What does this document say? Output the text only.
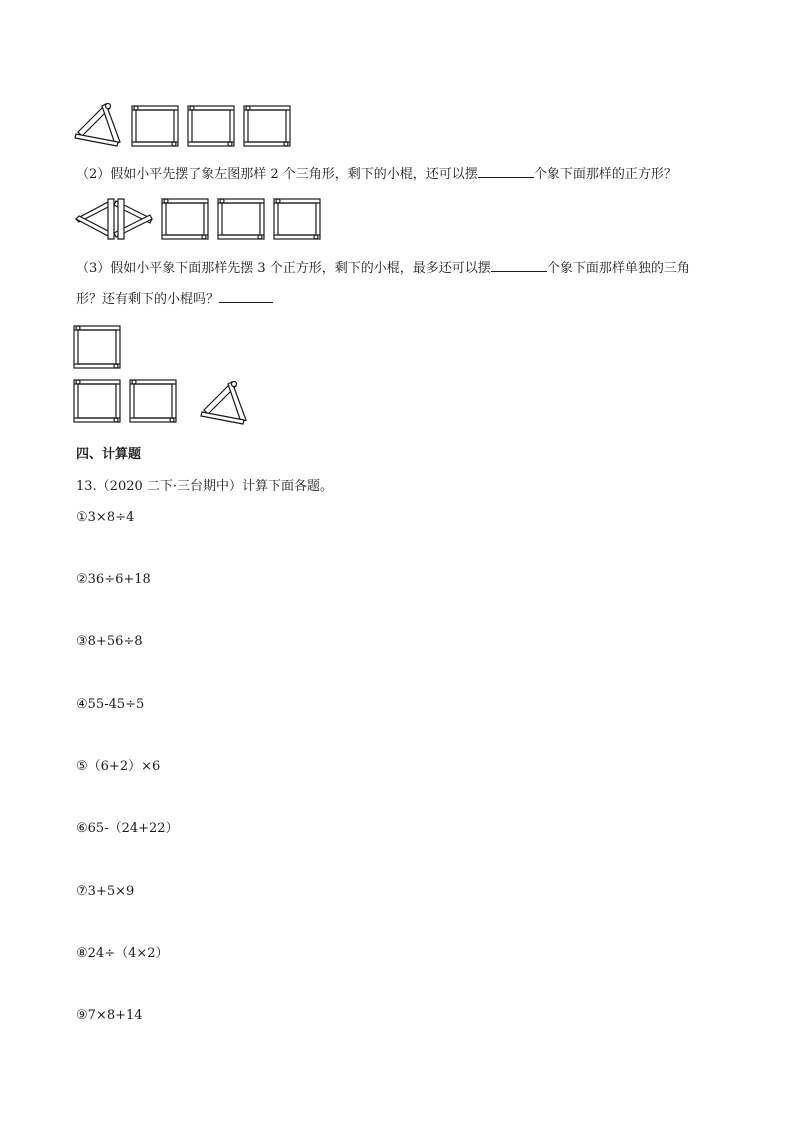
（2）假如小平先摆了象左图那样 2 个三角形，剩下的小棍，还可以摆	个象下面那样的正方形？
（3）假如小平象下面那样先摆 3 个正方形，剩下的小棍，最多还可以摆	个象下面那样单独的三角
形？还有剩下的小棍吗？
四、计算题
13.（2020 二下·三台期中）计算下面各题。
①3×8÷4
②36÷6+18
③8+56÷8
④55-45÷5
⑤（6+2）×6
⑥65-（24+22）
⑦3+5×9
⑧24÷（4×2）
⑨7×8+14
